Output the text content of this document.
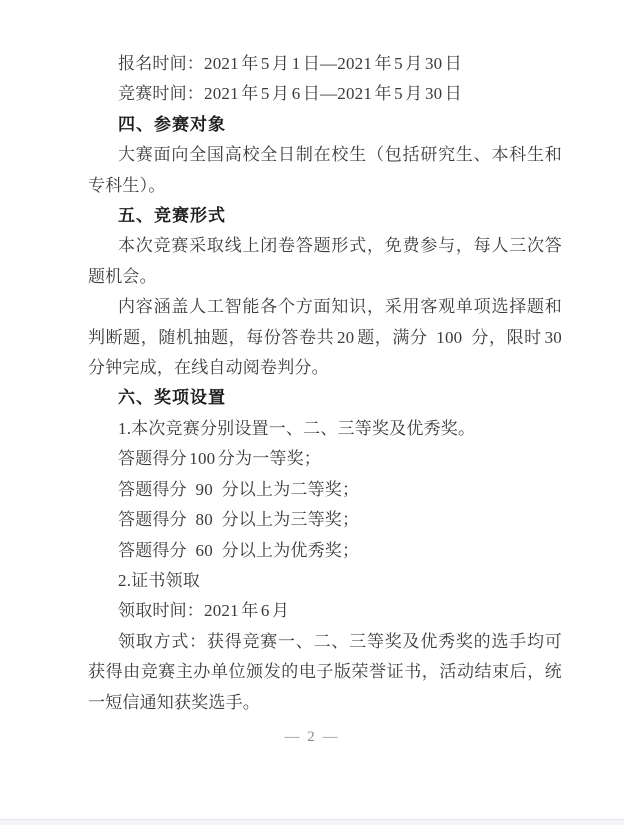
报名时间：2021 年 5 月 1 日—2021 年 5 月 30 日

竞赛时间：2021 年 5 月 6 日—2021 年 5 月 30 日

四、参赛对象

大赛面向全国高校全日制在校生（包括研究生、本科生和专科生）。

五、竞赛形式

本次竞赛采取线上闭卷答题形式，免费参与，每人三次答题机会。

内容涵盖人工智能各个方面知识，采用客观单项选择题和判断题，随机抽题，每份答卷共 20 题，满分 100 分，限时 30 分钟完成，在线自动阅卷判分。

六、奖项设置

1.本次竞赛分别设置一、二、三等奖及优秀奖。

答题得分 100 分为一等奖；

答题得分 90 分以上为二等奖；

答题得分 80 分以上为三等奖；

答题得分 60 分以上为优秀奖；

2.证书领取

领取时间：2021 年 6 月

领取方式：获得竞赛一、二、三等奖及优秀奖的选手均可获得由竞赛主办单位颁发的电子版荣誉证书，活动结束后，统一短信通知获奖选手。

— 2 —
